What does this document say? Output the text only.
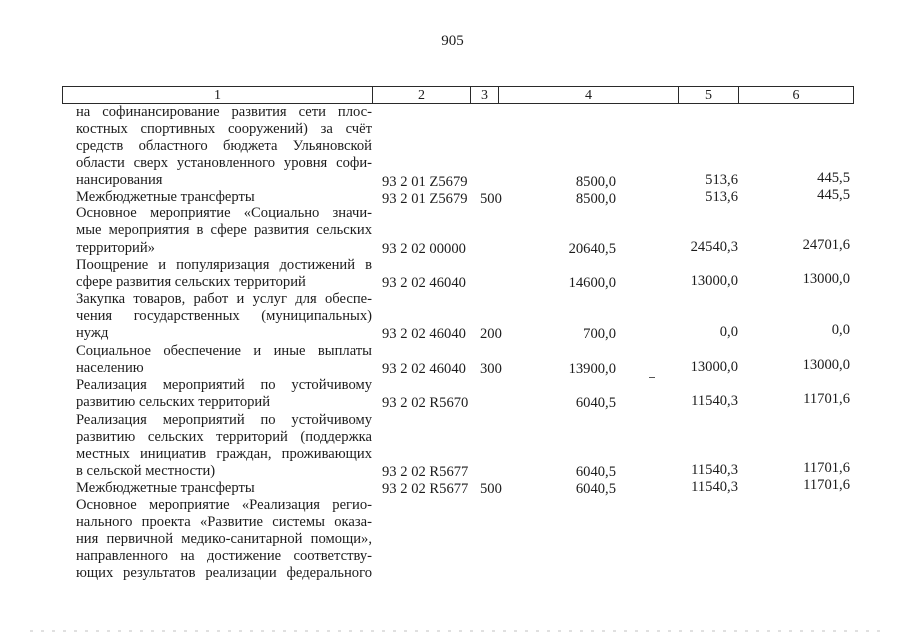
905
1	2	3	4	5	6
на софинансирование развития сети плос-
костных спортивных сооружений) за счёт
средств областного бюджета Ульяновской
области сверх установленного уровня софи-
нансирования	93 2 01 Z5679	8500,0	513,6	445,5
Межбюджетные трансферты	93 2 01 Z5679 500	8500,0	513,6	445,5
Основное мероприятие «Социально значи-
мые мероприятия в сфере развития сельских
территорий»	93 2 02 00000	20640,5	24540,3	24701,6
Поощрение и популяризация достижений в
сфере развития сельских территорий	93 2 02 46040	14600,0	13000,0	13000,0
Закупка товаров, работ и услуг для обеспе-
чения государственных (муниципальных)
нужд	93 2 02 46040 200	700,0	0,0	0,0
Социальное обеспечение и иные выплаты
населению	93 2 02 46040 300	13900,0	13000,0	13000,0
Реализация мероприятий по устойчивому
развитию сельских территорий	93 2 02 R5670	6040,5	11540,3	11701,6
Реализация мероприятий по устойчивому
развитию сельских территорий (поддержка
местных инициатив граждан, проживающих
в сельской местности)	93 2 02 R5677	6040,5	11540,3	11701,6
Межбюджетные трансферты	93 2 02 R5677 500	6040,5	11540,3	11701,6
Основное мероприятие «Реализация регио-
нального проекта «Развитие системы оказа-
ния первичной медико-санитарной помощи»,
направленного на достижение соответству-
ющих результатов реализации федерального
